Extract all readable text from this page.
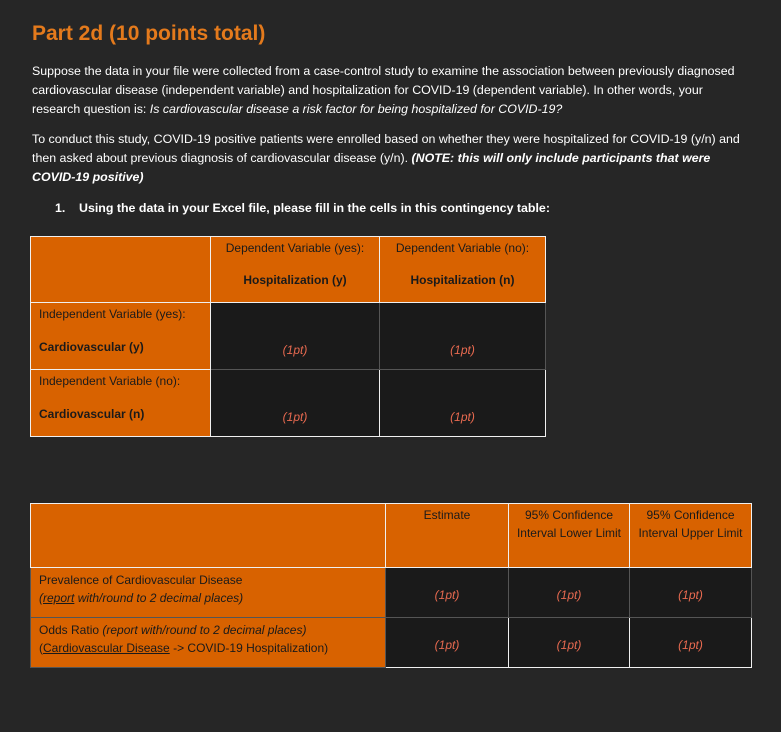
Part 2d (10 points total)

Suppose the data in your file were collected from a case-control study to examine the association between previously diagnosed cardiovascular disease (independent variable) and hospitalization for COVID-19 (dependent variable). In other words, your research question is: Is cardiovascular disease a risk factor for being hospitalized for COVID-19?

To conduct this study, COVID-19 positive patients were enrolled based on whether they were hospitalized for COVID-19 (y/n) and then asked about previous diagnosis of cardiovascular disease (y/n). (NOTE: this will only include participants that were COVID-19 positive)

1. Using the data in your Excel file, please fill in the cells in this contingency table:

	Dependent Variable (yes):
Hospitalization (y)	Dependent Variable (no):
Hospitalization (n)

Independent Variable (yes):
Cardiovascular (y)	(1pt)	(1pt)

Independent Variable (no):
Cardiovascular (n)	(1pt)	(1pt)

	Estimate	95% Confidence Interval Lower Limit	95% Confidence Interval Upper Limit

Prevalence of Cardiovascular Disease
(report with/round to 2 decimal places)	(1pt)	(1pt)	(1pt)

Odds Ratio (report with/round to 2 decimal places)
(Cardiovascular Disease -> COVID-19 Hospitalization)	(1pt)	(1pt)	(1pt)
